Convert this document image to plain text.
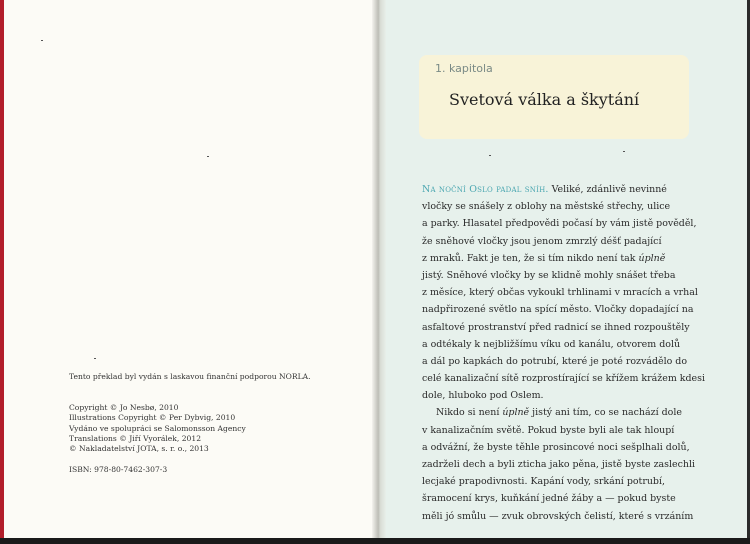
Tento překlad byl vydán s laskavou finanční podporou NORLA.

Copyright © Jo Nesbø, 2010
Illustrations Copyright © Per Dybvig, 2010
Vydáno ve spolupráci se Salomonsson Agency
Translations © Jiří Vyorálek, 2012
© Nakladatelství JOTA, s. r. o., 2013
ISBN: 978-80-7462-307-3
1. kapitola
Svetová válka a škytání
Na noční Oslo padal sníh. Veliké, zdánlivě nevinné
vločky se snášely z oblohy na městské střechy, ulice
a parky. Hlasatel předpovědi počasí by vám jistě pověděl,
že sněhové vločky jsou jenom zmrzlý déšť padající
z mraků. Fakt je ten, že si tím nikdo není tak úplně
jistý. Sněhové vločky by se klidně mohly snášet třeba
z měsíce, který občas vykoukl trhlinami v mracích a vrhal
nadpřirozené světlo na spící město. Vločky dopadající na
asfaltové prostranství před radnicí se ihned rozpouštěly
a odtékaly k nejbližšímu víku od kanálu, otvorem dolů
a dál po kapkách do potrubí, které je poté rozvádělo do
celé kanalizační sítě rozprostírající se křížem krážem kdesi
dole, hluboko pod Oslem.
Nikdo si není úplně jistý ani tím, co se nachází dole
v kanalizačním světě. Pokud byste byli ale tak hloupí
a odvážní, že byste těhle prosincové noci sešplhali dolů,
zadrželi dech a byli zticha jako pěna, jistě byste zaslechli
lecjaké prapodivnosti. Kapání vody, srkání potrubí,
šramocení krys, kuňkání jedné žáby a — pokud byste
měli jó smůlu — zvuk obrovských čelistí, které s vrzáním
